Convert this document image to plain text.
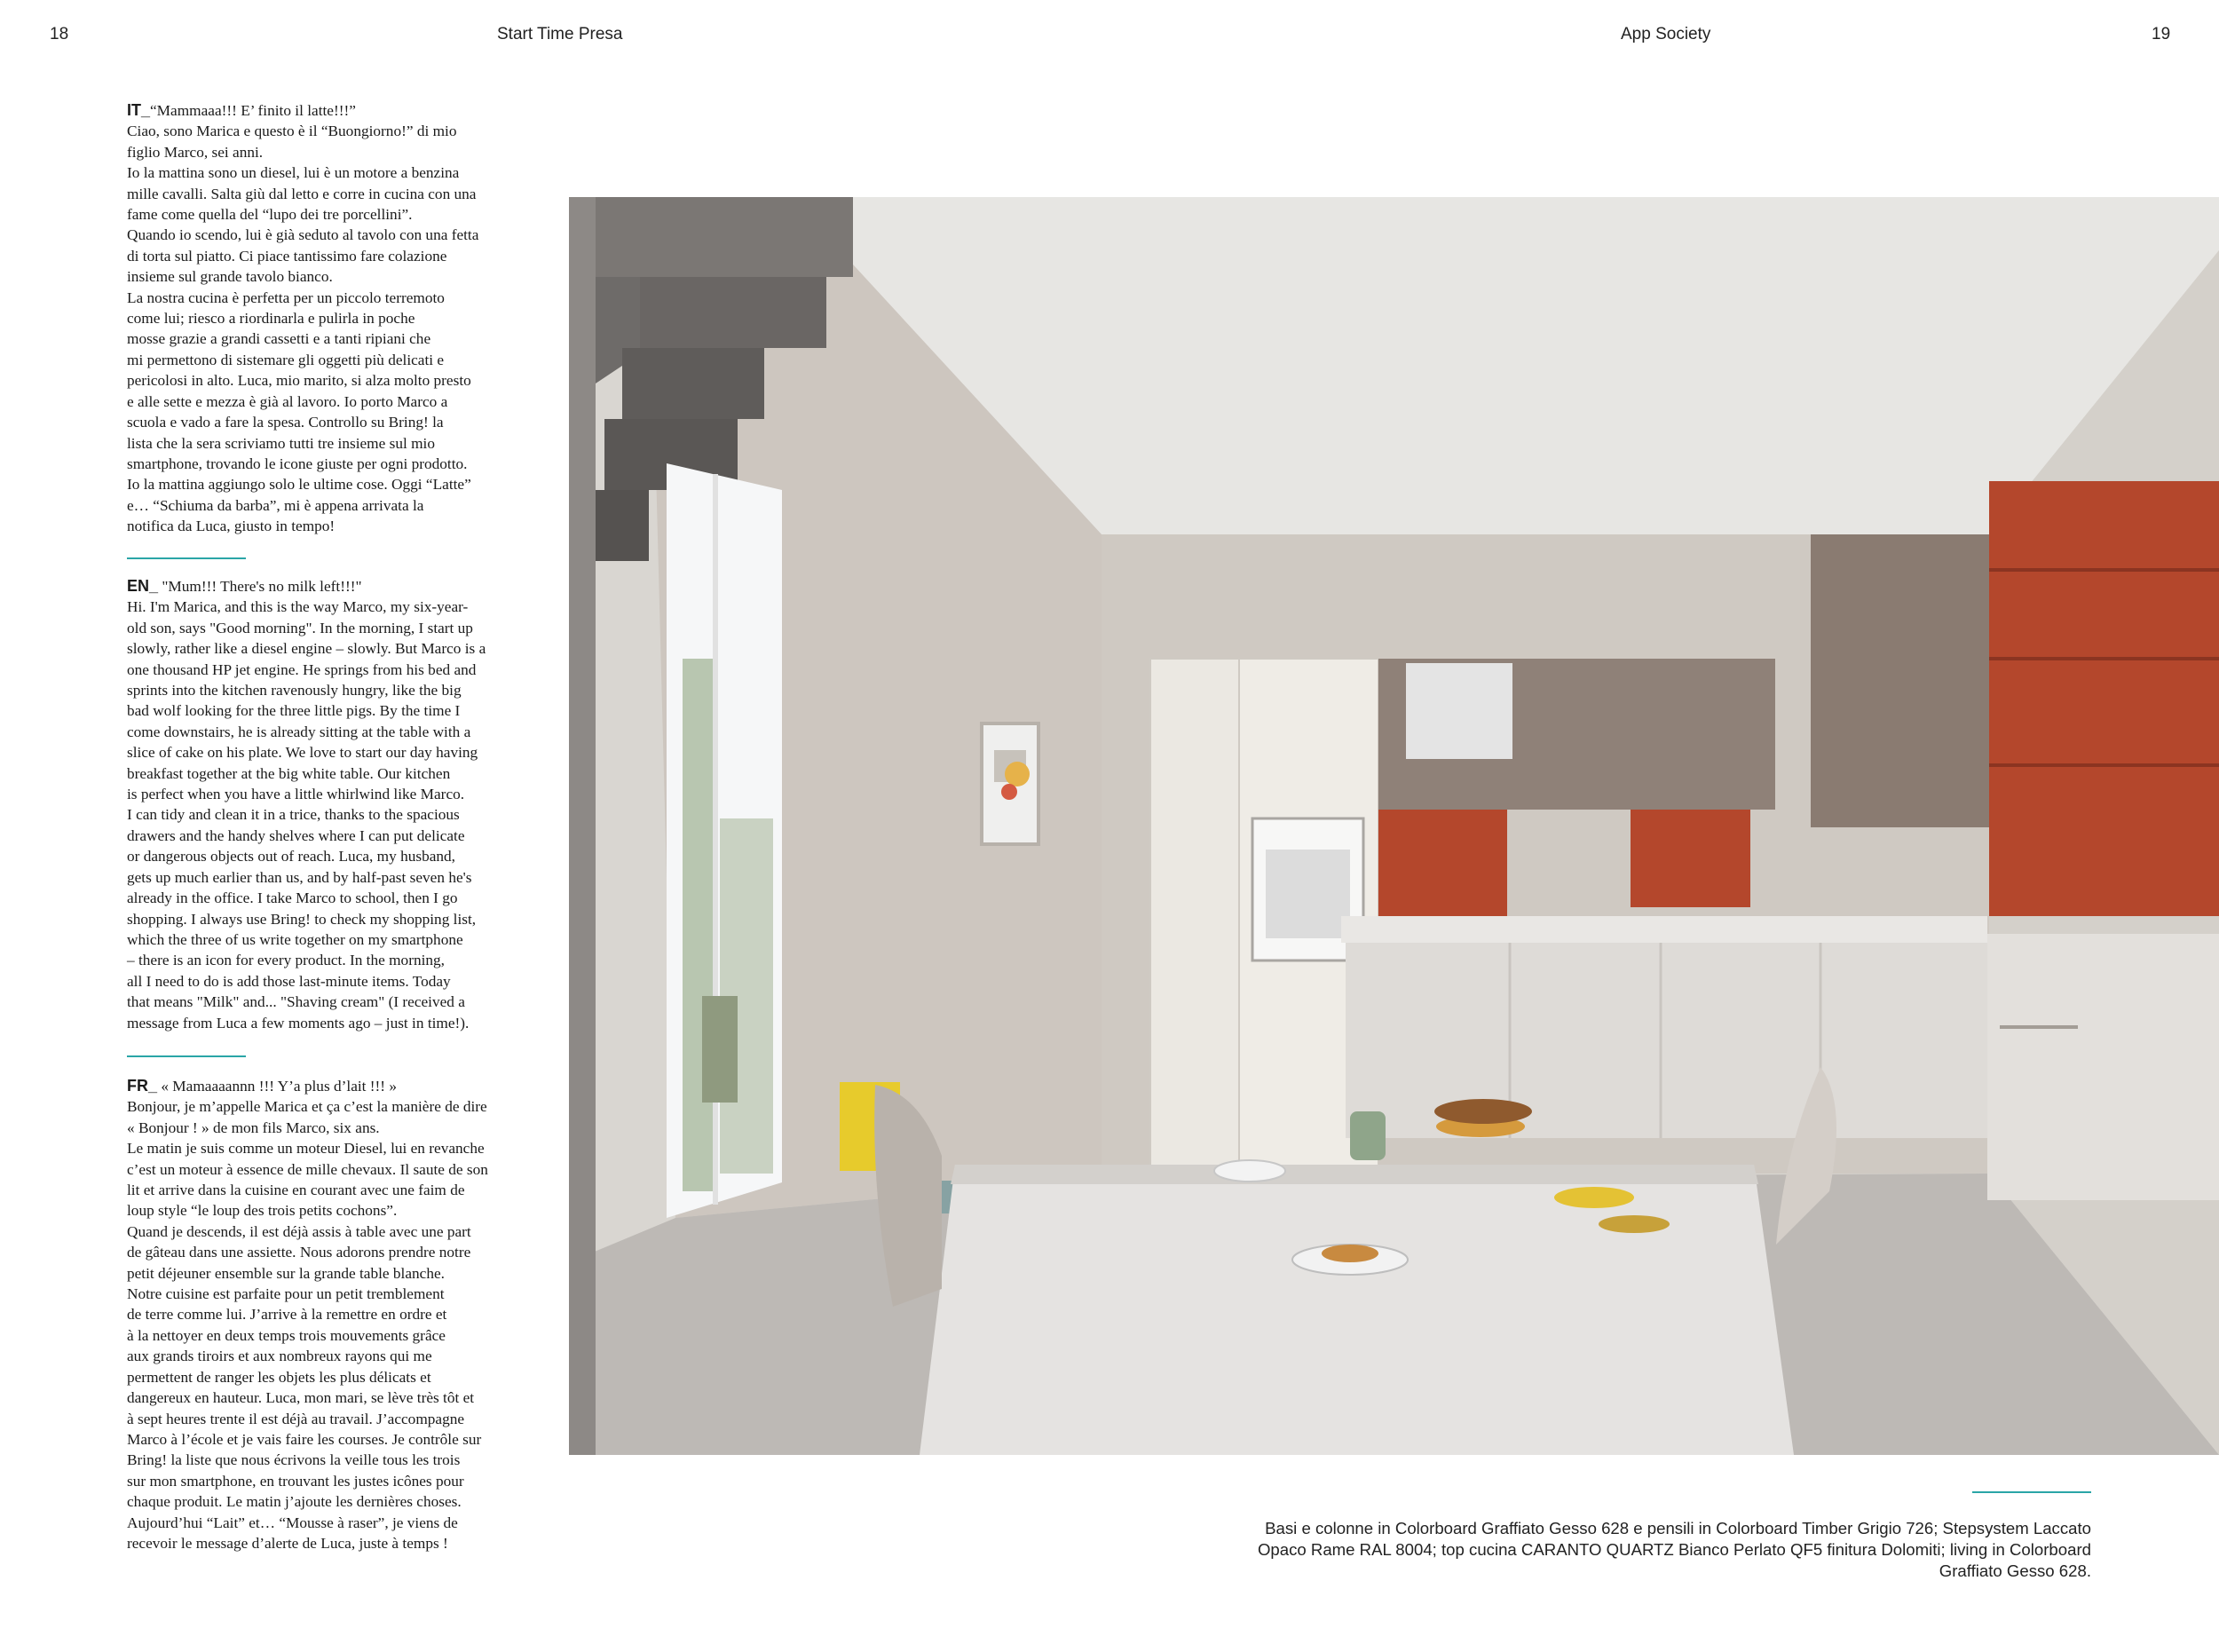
18	Start Time Presa	App Society	19

IT_“Mammaaa!!! E’ finito il latte!!!”

Ciao, sono Marica e questo è il “Buongiorno!” di mio

figlio Marco, sei anni.

Io la mattina sono un diesel, lui è un motore a benzina

mille cavalli. Salta giù dal letto e corre in cucina con una

fame come quella del “lupo dei tre porcellini”.

Quando io scendo, lui è già seduto al tavolo con una fetta

di torta sul piatto. Ci piace tantissimo fare colazione

insieme sul grande tavolo bianco.

La nostra cucina è perfetta per un piccolo terremoto

come lui; riesco a riordinarla e pulirla in poche

mosse grazie a grandi cassetti e a tanti ripiani che

mi permettono di sistemare gli oggetti più delicati e

pericolosi in alto. Luca, mio marito, si alza molto presto

e alle sette e mezza è già al lavoro. Io porto Marco a

scuola e vado a fare la spesa. Controllo su Bring! la

lista che la sera scriviamo tutti tre insieme sul mio

smartphone, trovando le icone giuste per ogni prodotto.

Io la mattina aggiungo solo le ultime cose. Oggi “Latte”

e… “Schiuma da barba”, mi è appena arrivata la

notifica da Luca, giusto in tempo!

EN_ "Mum!!! There's no milk left!!!"

Hi. I'm Marica, and this is the way Marco, my six-year-

old son, says "Good morning". In the morning, I start up

slowly, rather like a diesel engine – slowly. But Marco is a

one thousand HP jet engine. He springs from his bed and

sprints into the kitchen ravenously hungry, like the big

bad wolf looking for the three little pigs. By the time I

come downstairs, he is already sitting at the table with a

slice of cake on his plate. We love to start our day having

breakfast together at the big white table. Our kitchen

is perfect when you have a little whirlwind like Marco.

I can tidy and clean it in a trice, thanks to the spacious

drawers and the handy shelves where I can put delicate

or dangerous objects out of reach. Luca, my husband,

gets up much earlier than us, and by half-past seven he's

already in the office. I take Marco to school, then I go

shopping. I always use Bring! to check my shopping list,

which the three of us write together on my smartphone

– there is an icon for every product. In the morning,

all I need to do is add those last-minute items. Today

that means "Milk" and... "Shaving cream" (I received a

message from Luca a few moments ago – just in time!).

FR_ « Mamaaaannn !!! Y’a plus d’lait !!! »

Bonjour, je m’appelle Marica et ça c’est la manière de dire

« Bonjour ! » de mon fils Marco, six ans.

Le matin je suis comme un moteur Diesel, lui en revanche

c’est un moteur à essence de mille chevaux. Il saute de son

lit et arrive dans la cuisine en courant avec une faim de

loup style “le loup des trois petits cochons”.

Quand je descends, il est déjà assis à table avec une part

de gâteau dans une assiette. Nous adorons prendre notre

petit déjeuner ensemble sur la grande table blanche.

Notre cuisine est parfaite pour un petit tremblement

de terre comme lui. J’arrive à la remettre en ordre et

à la nettoyer en deux temps trois mouvements grâce

aux grands tiroirs et aux nombreux rayons qui me

permettent de ranger les objets les plus délicats et

dangereux en hauteur. Luca, mon mari, se lève très tôt et

à sept heures trente il est déjà au travail. J’accompagne

Marco à l’école et je vais faire les courses. Je contrôle sur

Bring! la liste que nous écrivons la veille tous les trois

sur mon smartphone, en trouvant les justes icônes pour

chaque produit. Le matin j’ajoute les dernières choses.

Aujourd’hui “Lait” et… “Mousse à raser”, je viens de

recevoir le message d’alerte de Luca, juste à temps !

Basi e colonne in Colorboard Graffiato Gesso 628 e pensili in Colorboard Timber Grigio 726; Stepsystem Laccato
Opaco Rame RAL 8004; top cucina CARANTO QUARTZ Bianco Perlato QF5 finitura Dolomiti; living in Colorboard
Graffiato Gesso 628.
